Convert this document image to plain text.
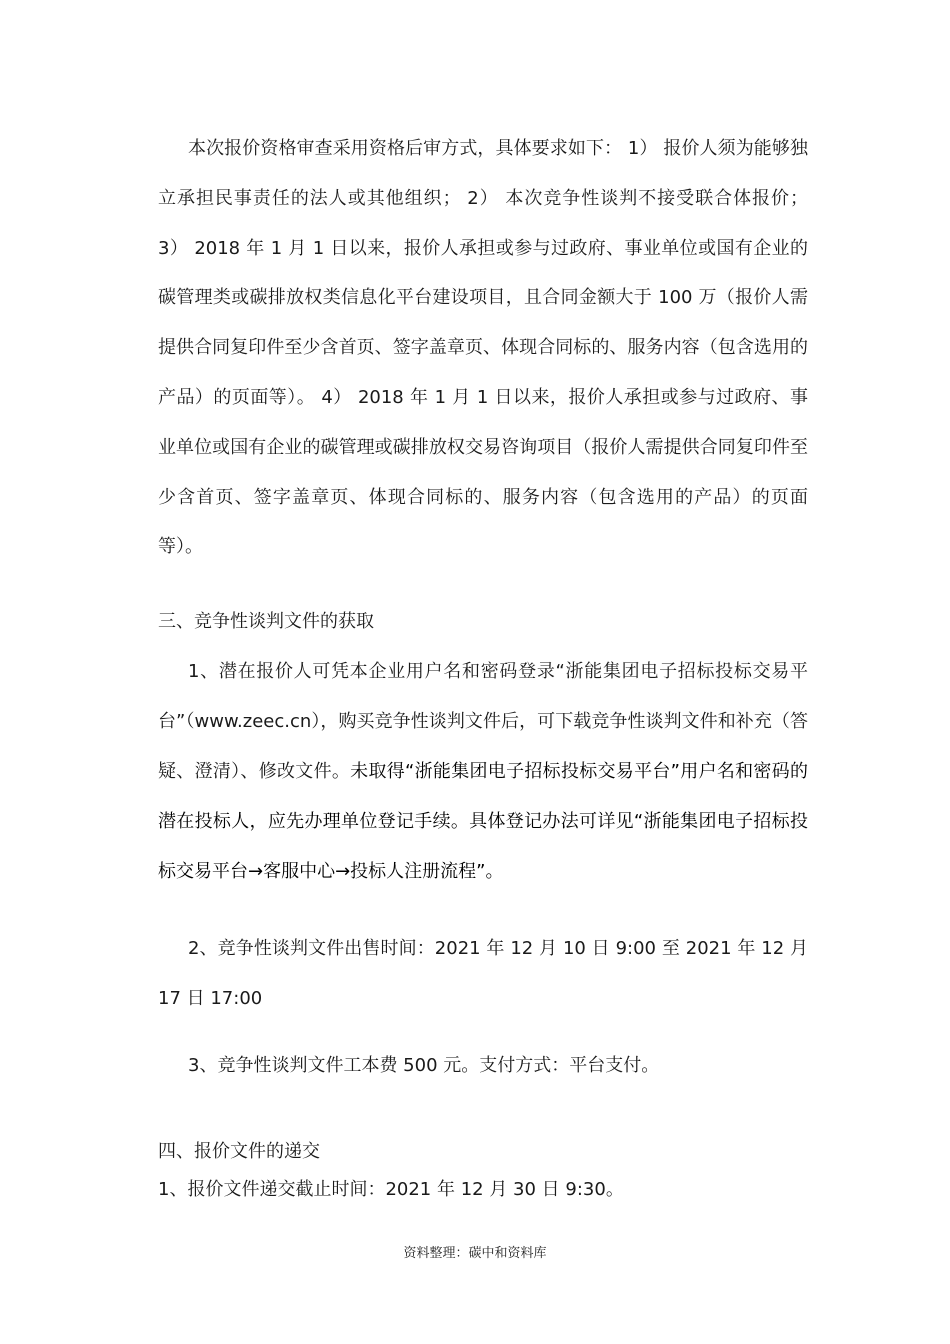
本次报价资格审查采用资格后审方式，具体要求如下： 1） 报价人须为能够独立承担民事责任的法人或其他组织； 2） 本次竞争性谈判不接受联合体报价； 3） 2018 年 1 月 1 日以来，报价人承担或参与过政府、事业单位或国有企业的碳管理类或碳排放权类信息化平台建设项目，且合同金额大于 100 万（报价人需提供合同复印件至少含首页、签字盖章页、体现合同标的、服务内容（包含选用的产品）的页面等）。 4） 2018 年 1 月 1 日以来，报价人承担或参与过政府、事业单位或国有企业的碳管理或碳排放权交易咨询项目（报价人需提供合同复印件至少含首页、签字盖章页、体现合同标的、服务内容（包含选用的产品）的页面等）。

三、竞争性谈判文件的获取

1、潜在报价人可凭本企业用户名和密码登录“浙能集团电子招标投标交易平台”（www.zeec.cn），购买竞争性谈判文件后，可下载竞争性谈判文件和补充（答疑、澄清）、修改文件。未取得“浙能集团电子招标投标交易平台”用户名和密码的潜在投标人，应先办理单位登记手续。具体登记办法可详见“浙能集团电子招标投标交易平台→客服中心→投标人注册流程”。

2、竞争性谈判文件出售时间：2021 年 12 月 10 日 9:00 至 2021 年 12 月 17 日 17:00

3、竞争性谈判文件工本费 500 元。支付方式：平台支付。

四、报价文件的递交

1、报价文件递交截止时间：2021 年 12 月 30 日 9:30。

资料整理：碳中和资料库
